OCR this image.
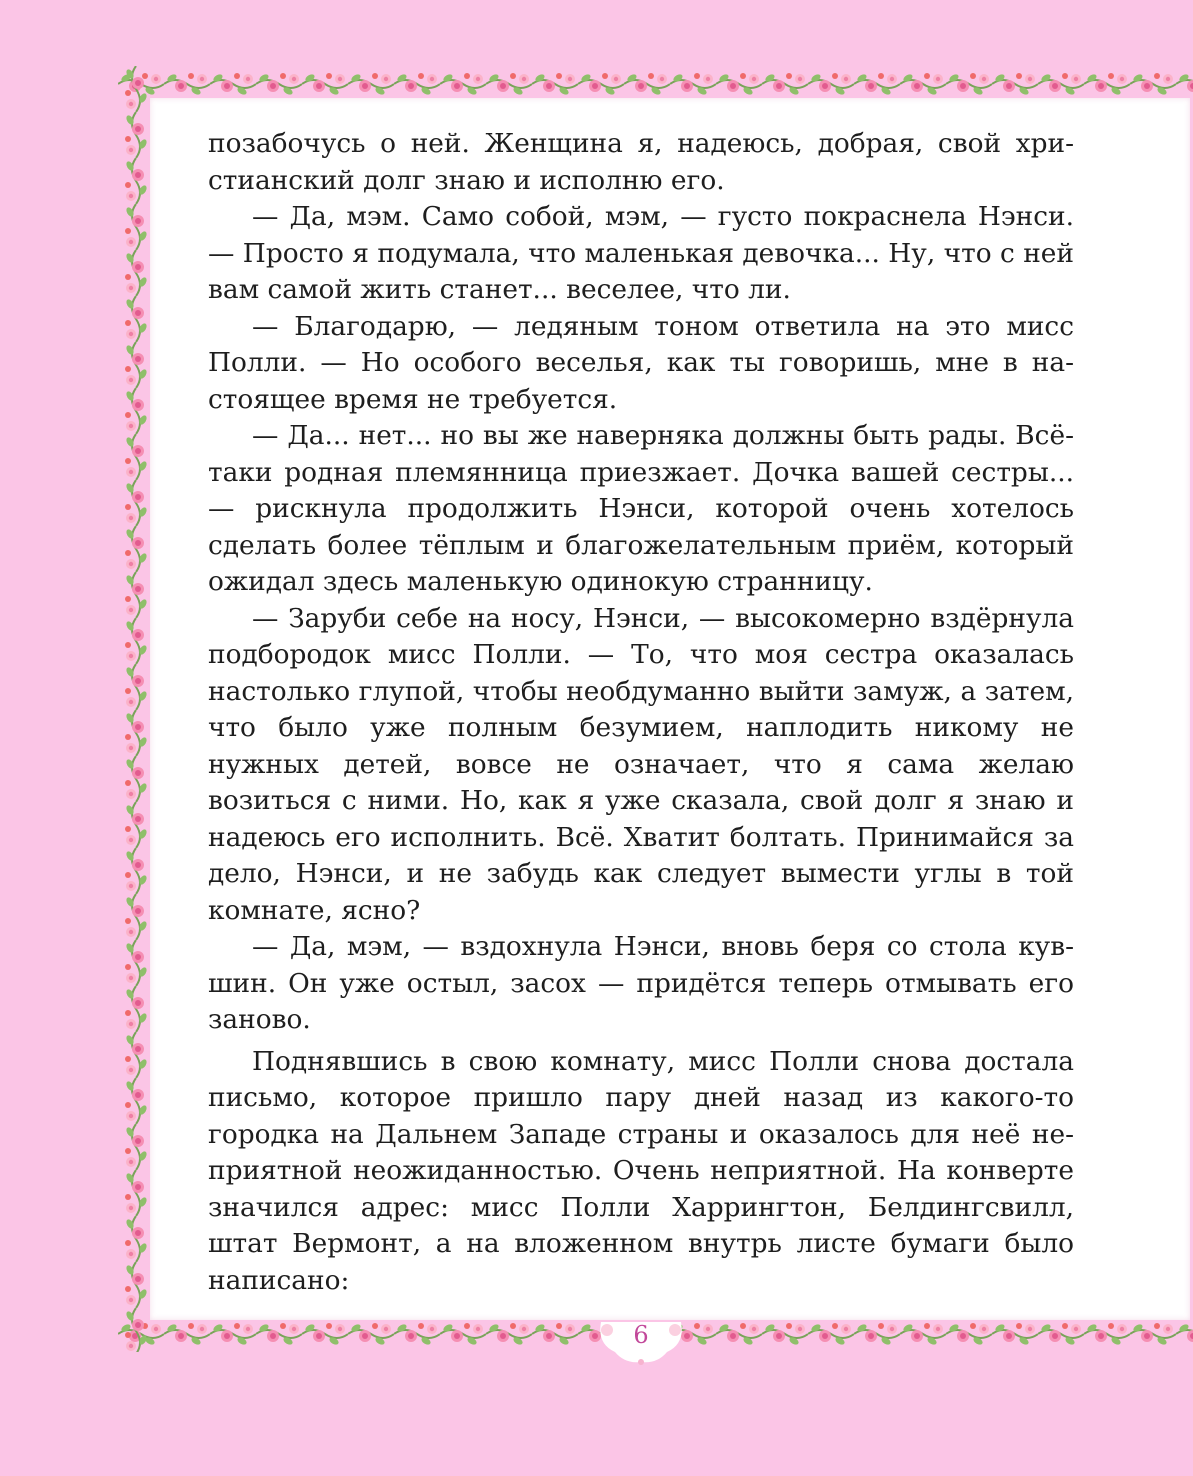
позабочусь о ней. Женщина я, надеюсь, добрая, свой христианский долг знаю и исполню его.

— Да, мэм. Само собой, мэм, — густо покраснела Нэнси. — Просто я подумала, что маленькая девочка... Ну, что с ней вам самой жить станет... веселее, что ли.

— Благодарю, — ледяным тоном ответила на это мисс Полли. — Но особого веселья, как ты говоришь, мне в настоящее время не требуется.

— Да... нет... но вы же наверняка должны быть рады. Всё-таки родная племянница приезжает. Дочка вашей сестры... — рискнула продолжить Нэнси, которой очень хотелось сделать более тёплым и благожелательным приём, который ожидал здесь маленькую одинокую странницу.

— Заруби себе на носу, Нэнси, — высокомерно вздёрнула подбородок мисс Полли. — То, что моя сестра оказалась настолько глупой, чтобы необдуманно выйти замуж, а затем, что было уже полным безумием, наплодить никому не нужных детей, вовсе не означает, что я сама желаю возиться с ними. Но, как я уже сказала, свой долг я знаю и надеюсь его исполнить. Всё. Хватит болтать. Принимайся за дело, Нэнси, и не забудь как следует вымести углы в той комнате, ясно?

— Да, мэм, — вздохнула Нэнси, вновь беря со стола кувшин. Он уже остыл, засох — придётся теперь отмывать его заново.

Поднявшись в свою комнату, мисс Полли снова достала письмо, которое пришло пару дней назад из какого-то городка на Дальнем Западе страны и оказалось для неё неприятной неожиданностью. Очень неприятной. На конверте значился адрес: мисс Полли Харрингтон, Белдингсвилл, штат Вермонт, а на вложенном внутрь листе бумаги было написано:

6
